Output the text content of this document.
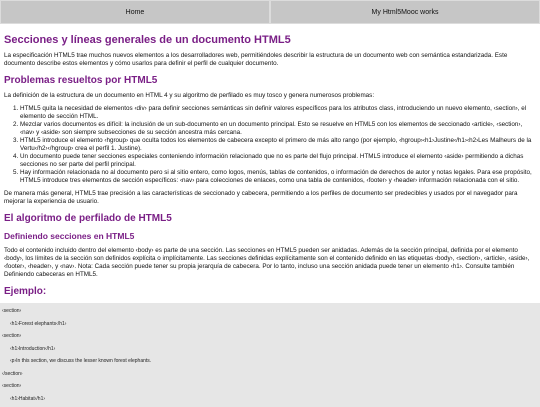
Home	My Html5Mooc works
Secciones y líneas generales de un documento HTML5

La especificación HTML5 trae muchos nuevos elementos a los desarrolladores web, permitiéndoles describir la estructura de un documento web con semántica estandarizada. Este documento describe estos elementos y cómo usarlos para definir el perfil de cualquier documento.

Problemas resueltos por HTML5

La definición de la estructura de un documento en HTML 4 y su algoritmo de perfilado es muy tosco y genera numerosos problemas:

1. HTML5 quita la necesidad de elementos ‹div› para definir secciones semánticas sin definir valores específicos para los atributos class, introduciendo un nuevo elemento, ‹section›, el elemento de sección HTML.
2. Mezclar varios documentos es difícil: la inclusión de un sub-documento en un documento principal. Esto se resuelve en HTML5 con los elementos de seccionado ‹article›, ‹section›, ‹nav› y ‹aside› son siempre subsecciones de su sección ancestra más cercana.
3. HTML5 introduce el elemento ‹hgroup› que oculta todos los elementos de cabecera excepto el primero de más alto rango (por ejemplo, ‹hgroup›‹h1›Justine‹/h1›‹h2›Les Malheurs de la Vertu‹/h2›‹/hgroup› crea el perfil 1. Justine).
4. Un documento puede tener secciones especiales conteniendo información relacionado que no es parte del flujo principal. HTML5 introduce el elemento ‹aside› permitiendo a dichas secciones no ser parte del perfil principal.
5. Hay información relacionada no al documento pero si al sitio entero, como logos, menús, tablas de contenidos, o información de derechos de autor y notas legales. Para ese propósito, HTML5 introduce tres elementos de sección específicos: ‹nav› para colecciones de enlaces, como una tabla de contenidos, ‹footer› y ‹header› información relacionada con el sitio.

De manera más general, HTML5 trae precisión a las características de seccionado y cabecera, permitiendo a los perfiles de documento ser predecibles y usados por el navegador para mejorar la experiencia de usuario.

El algoritmo de perfilado de HTML5
Definiendo secciones en HTML5

Todo el contenido incluido dentro del elemento ‹body› es parte de una sección. Las secciones en HTML5 pueden ser anidadas. Además de la sección principal, definida por el elemento ‹body›, los límites de la sección son definidos explícita o implícitamente. Las secciones definidas explícitamente son el contenido definido en las etiquetas ‹body›, ‹section›, ‹article›, ‹aside›, ‹footer›, ‹header›, y ‹nav›. Nota: Cada sección puede tener su propia jerarquía de cabecera. Por lo tanto, incluso una sección anidada puede tener un elemento ‹h1›. Consulte también Definiendo cabeceras en HTML5.

Ejemplo:
‹section›
‹h1›Forest elephants‹/h1›
‹section›
‹h1›Introduction‹/h1›
‹p›In this section, we discuss the lesser known forest elephants.
‹/section›
‹section›
‹h1›Habitat‹/h1›
